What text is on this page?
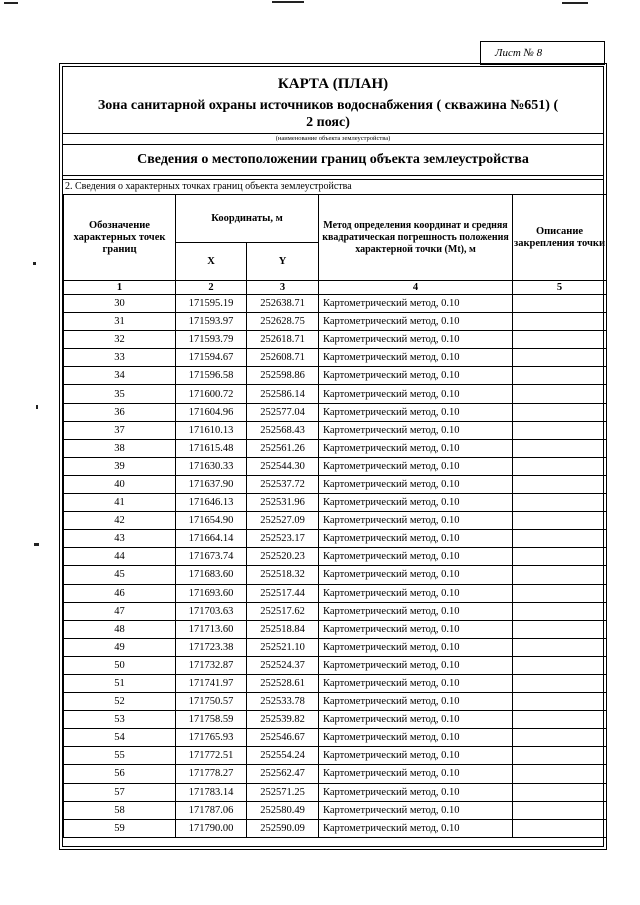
Лист № 8
КАРТА (ПЛАН)
Зона санитарной охраны источников водоснабжения ( скважина №651) ( 2 пояс)
(наименование объекта землеустройства)
Сведения о местоположении границ объекта землеустройства
2. Сведения о характерных точках границ объекта землеустройства
Обозначение характерных точек границ	Координаты, м		Метод определения координат и средняя квадратическая погрешность положения характерной точки (Mt), м	Описание закрепления точки
	X	Y		
1	2	3	4	5
30	171595.19	252638.71	Картометрический метод, 0.10	
31	171593.97	252628.75	Картометрический метод, 0.10	
32	171593.79	252618.71	Картометрический метод, 0.10	
33	171594.67	252608.71	Картометрический метод, 0.10	
34	171596.58	252598.86	Картометрический метод, 0.10	
35	171600.72	252586.14	Картометрический метод, 0.10	
36	171604.96	252577.04	Картометрический метод, 0.10	
37	171610.13	252568.43	Картометрический метод, 0.10	
38	171615.48	252561.26	Картометрический метод, 0.10	
39	171630.33	252544.30	Картометрический метод, 0.10	
40	171637.90	252537.72	Картометрический метод, 0.10	
41	171646.13	252531.96	Картометрический метод, 0.10	
42	171654.90	252527.09	Картометрический метод, 0.10	
43	171664.14	252523.17	Картометрический метод, 0.10	
44	171673.74	252520.23	Картометрический метод, 0.10	
45	171683.60	252518.32	Картометрический метод, 0.10	
46	171693.60	252517.44	Картометрический метод, 0.10	
47	171703.63	252517.62	Картометрический метод, 0.10	
48	171713.60	252518.84	Картометрический метод, 0.10	
49	171723.38	252521.10	Картометрический метод, 0.10	
50	171732.87	252524.37	Картометрический метод, 0.10	
51	171741.97	252528.61	Картометрический метод, 0.10	
52	171750.57	252533.78	Картометрический метод, 0.10	
53	171758.59	252539.82	Картометрический метод, 0.10	
54	171765.93	252546.67	Картометрический метод, 0.10	
55	171772.51	252554.24	Картометрический метод, 0.10	
56	171778.27	252562.47	Картометрический метод, 0.10	
57	171783.14	252571.25	Картометрический метод, 0.10	
58	171787.06	252580.49	Картометрический метод, 0.10	
59	171790.00	252590.09	Картометрический метод, 0.10	
